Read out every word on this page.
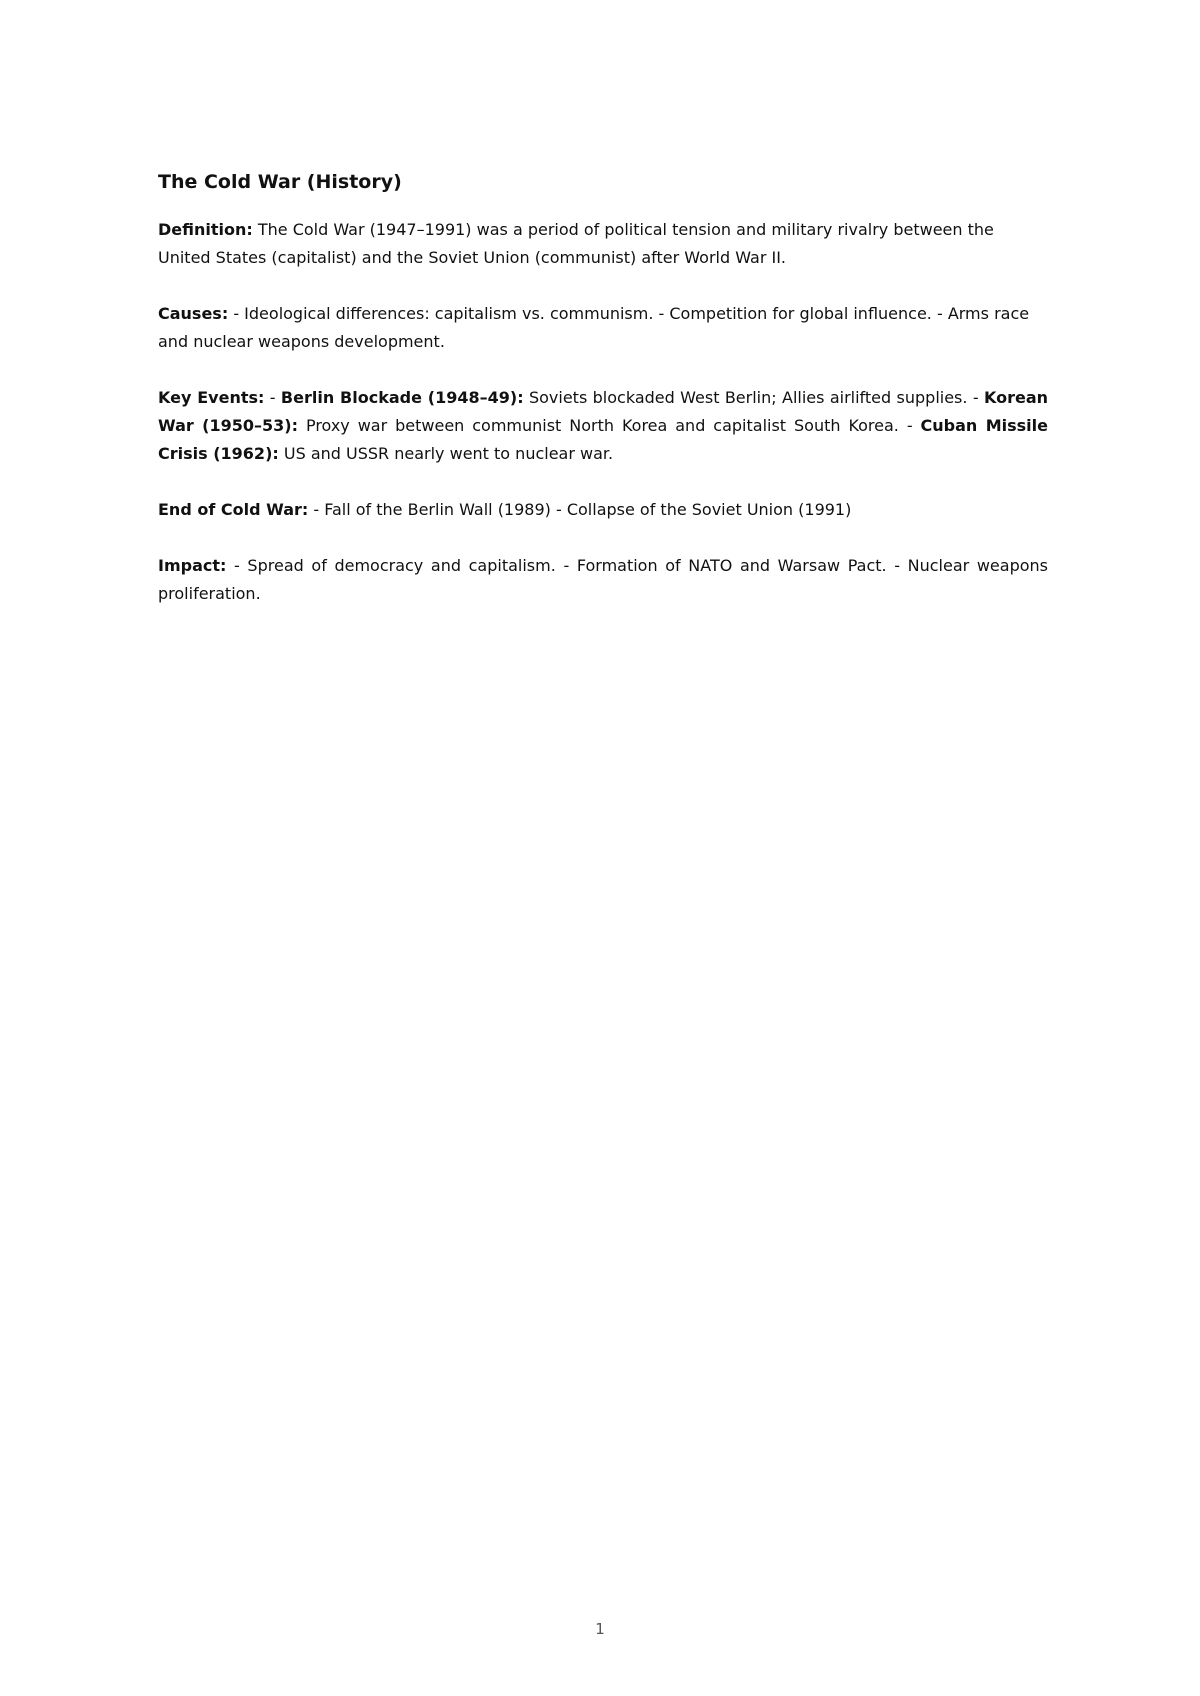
The Cold War (History)

Definition: The Cold War (1947–1991) was a period of political tension and military rivalry between the United States (capitalist) and the Soviet Union (communist) after World War II.

Causes: - Ideological differences: capitalism vs. communism. - Competition for global influence. - Arms race and nuclear weapons development.

Key Events: - Berlin Blockade (1948–49): Soviets blockaded West Berlin; Allies airlifted supplies. - Korean War (1950–53): Proxy war between communist North Korea and capitalist South Korea. - Cuban Missile Crisis (1962): US and USSR nearly went to nuclear war.

End of Cold War: - Fall of the Berlin Wall (1989) - Collapse of the Soviet Union (1991)

Impact: - Spread of democracy and capitalism. - Formation of NATO and Warsaw Pact. - Nuclear weapons proliferation.

1
